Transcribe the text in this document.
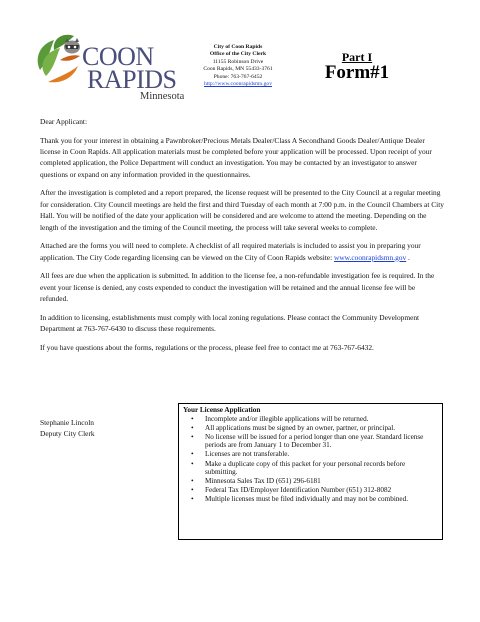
COON
RAPIDS
Minnesota
City of Coon Rapids
Office of the City Clerk
11155 Robinson Drive
Coon Rapids, MN 55433-3761
Phone: 763-767-6452
http://www.coonrapidsmn.gov
Part I
Form#1

Dear Applicant:

Thank you for your interest in obtaining a Pawnbroker/Precious Metals Dealer/Class A Secondhand Goods Dealer/Antique Dealer license in Coon Rapids. All application materials must be completed before your application will be processed. Upon receipt of your completed application, the Police Department will conduct an investigation. You may be contacted by an investigator to answer questions or expand on any information provided in the questionnaires.

After the investigation is completed and a report prepared, the license request will be presented to the City Council at a regular meeting for consideration. City Council meetings are held the first and third Tuesday of each month at 7:00 p.m. in the Council Chambers at City Hall. You will be notified of the date your application will be considered and are welcome to attend the meeting. Depending on the length of the investigation and the timing of the Council meeting, the process will take several weeks to complete.

Attached are the forms you will need to complete. A checklist of all required materials is included to assist you in preparing your application. The City Code regarding licensing can be viewed on the City of Coon Rapids website: www.coonrapidsmn.gov .

All fees are due when the application is submitted. In addition to the license fee, a non-refundable investigation fee is required. In the event your license is denied, any costs expended to conduct the investigation will be retained and the annual license fee will be refunded.

In addition to licensing, establishments must comply with local zoning regulations. Please contact the Community Development Department at 763-767-6430 to discuss these requirements.

If you have questions about the forms, regulations or the process, please feel free to contact me at 763-767-6432.

Stephanie Lincoln
Deputy City Clerk
Your License Application
• Incomplete and/or illegible applications will be returned.
• All applications must be signed by an owner, partner, or principal.
• No license will be issued for a period longer than one year. Standard license periods are from January 1 to December 31.
• Licenses are not transferable.
• Make a duplicate copy of this packet for your personal records before submitting.
• Minnesota Sales Tax ID (651) 296-6181
• Federal Tax ID/Employer Identification Number (651) 312-8082
• Multiple licenses must be filed individually and may not be combined.
